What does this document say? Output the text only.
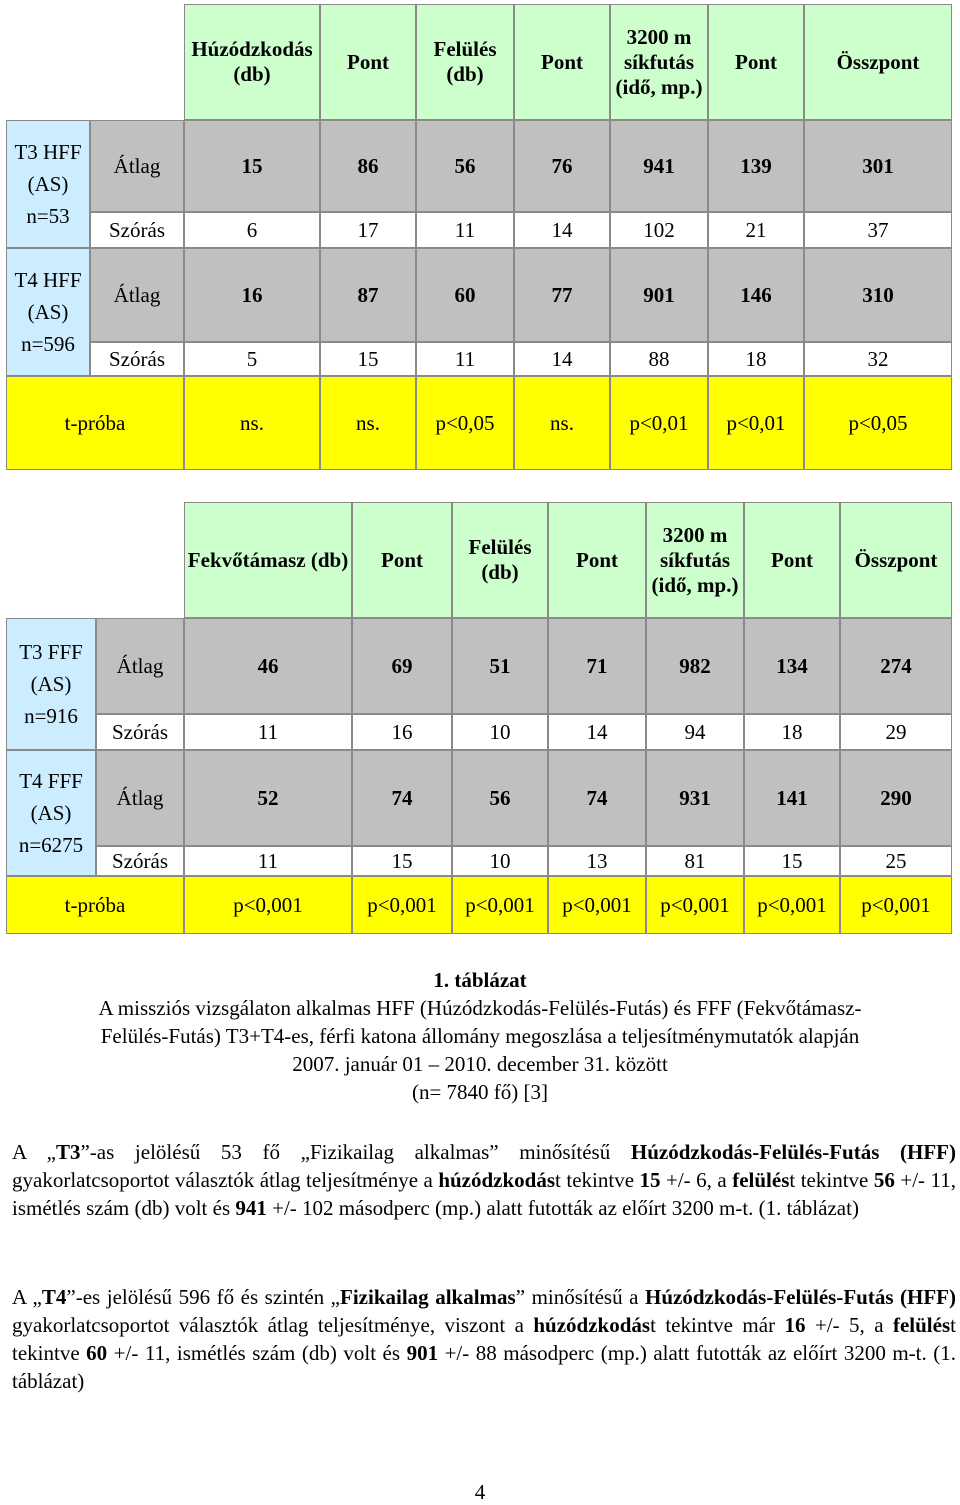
		Húzódzkodás (db)	Pont	Felülés (db)	Pont	3200 m síkfutás (idő, mp.)	Pont	Összpont
T3 HFF (AS) n=53	Átlag	15	86	56	76	941	139	301
	Szórás	6	17	11	14	102	21	37
T4 HFF (AS) n=596	Átlag	16	87	60	77	901	146	310
	Szórás	5	15	11	14	88	18	32
t-próba		ns.	ns.	p<0,05	ns.	p<0,01	p<0,01	p<0,05
		Fekvőtámasz (db)	Pont	Felülés (db)	Pont	3200 m síkfutás (idő, mp.)	Pont	Összpont
T3 FFF (AS) n=916	Átlag	46	69	51	71	982	134	274
	Szórás	11	16	10	14	94	18	29
T4 FFF (AS) n=6275	Átlag	52	74	56	74	931	141	290
	Szórás	11	15	10	13	81	15	25
t-próba		p<0,001	p<0,001	p<0,001	p<0,001	p<0,001	p<0,001	p<0,001
1. táblázat
A missziós vizsgálaton alkalmas HFF (Húzódzkodás-Felülés-Futás) és FFF (Fekvőtámasz-
Felülés-Futás) T3+T4-es, férfi katona állomány megoszlása a teljesítménymutatók alapján
2007. január 01 – 2010. december 31. között
(n= 7840 fő) [3]
A „T3”-as jelölésű 53 fő „Fizikailag alkalmas” minősítésű Húzódzkodás-Felülés-Futás (HFF) gyakorlatcsoportot választók átlag teljesítménye a húzódzkodást tekintve 15 +/- 6, a felülést tekintve 56 +/- 11, ismétlés szám (db) volt és 941 +/- 102 másodperc (mp.) alatt futották az előírt 3200 m-t. (1. táblázat)
A „T4”-es jelölésű 596 fő és szintén „Fizikailag alkalmas” minősítésű a Húzódzkodás-Felülés-Futás (HFF) gyakorlatcsoportot választók átlag teljesítménye, viszont a húzódzkodást tekintve már 16 +/- 5, a felülést tekintve 60 +/- 11, ismétlés szám (db) volt és 901 +/- 88 másodperc (mp.) alatt futották az előírt 3200 m-t. (1. táblázat)
4
